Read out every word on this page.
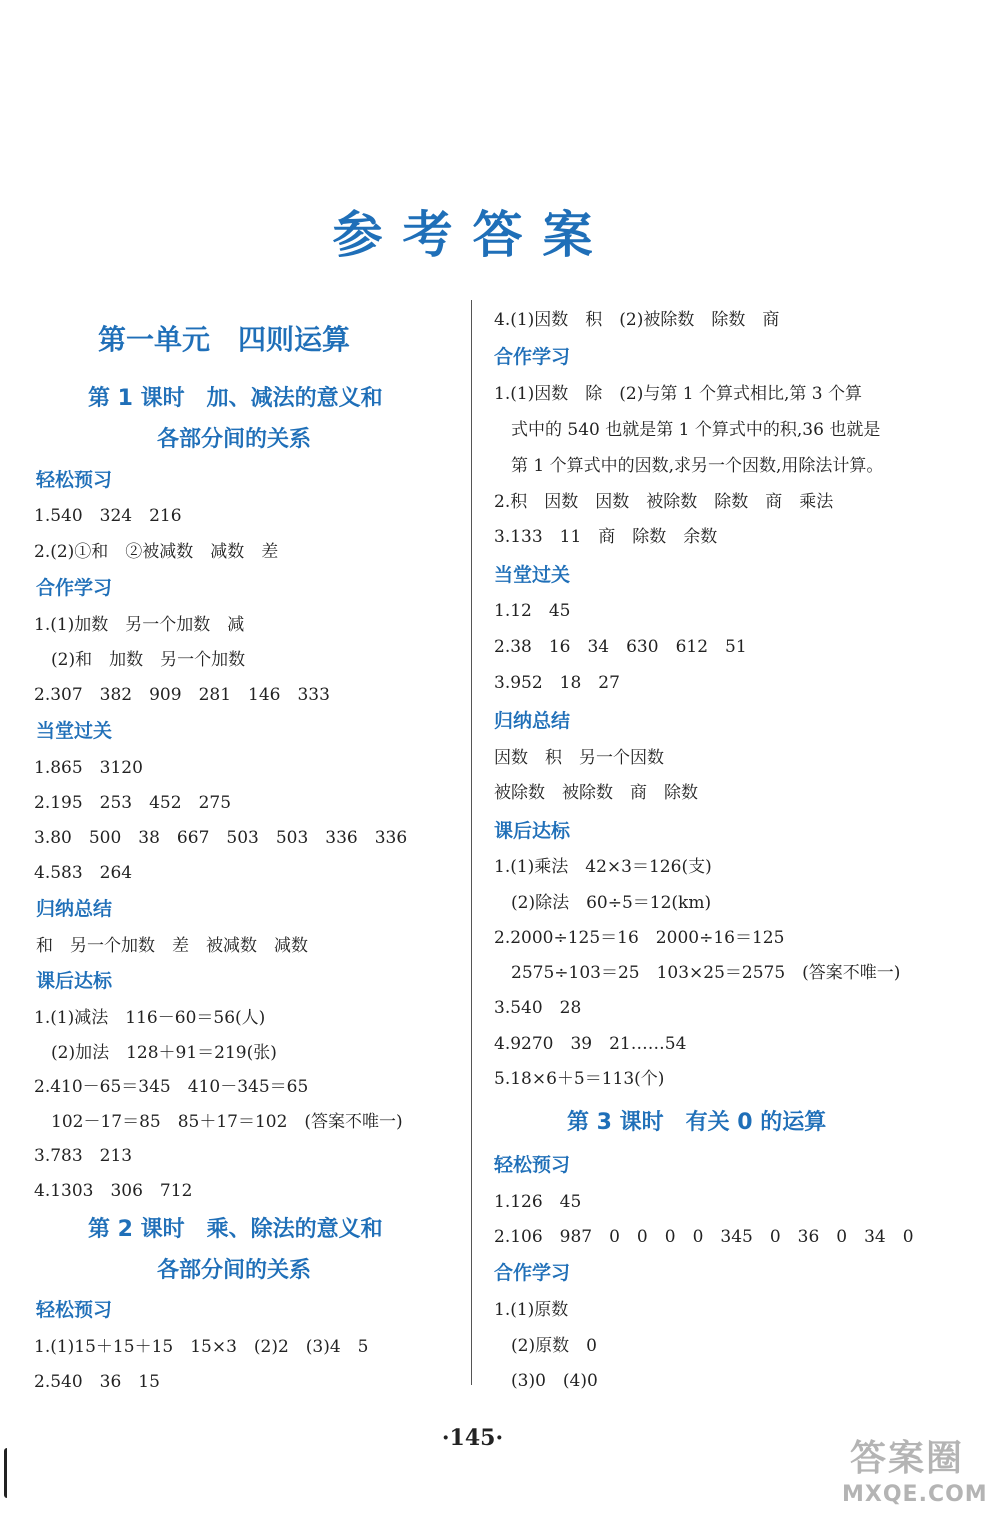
参考答案
第一单元　四则运算
第 1 课时　加、减法的意义和
各部分间的关系
轻松预习
1.540　324　216
2.(2)①和　②被减数　减数　差
合作学习
1.(1)加数　另一个加数　减
　(2)和　加数　另一个加数
2.307　382　909　281　146　333
当堂过关
1.865　3120
2.195　253　452　275
3.80　500　38　667　503　503　336　336
4.583　264
归纳总结
和　另一个加数　差　被减数　减数
课后达标
1.(1)减法　116－60＝56(人)
　(2)加法　128＋91＝219(张)
2.410－65＝345　410－345＝65
　102－17＝85　85＋17＝102　(答案不唯一)
3.783　213
4.1303　306　712
第 2 课时　乘、除法的意义和
各部分间的关系
轻松预习
1.(1)15＋15＋15　15×3　(2)2　(3)4　5
2.540　36　15
4.(1)因数　积　(2)被除数　除数　商
合作学习
1.(1)因数　除　(2)与第 1 个算式相比,第 3 个算
　式中的 540 也就是第 1 个算式中的积,36 也就是
　第 1 个算式中的因数,求另一个因数,用除法计算。
2.积　因数　因数　被除数　除数　商　乘法
3.133　11　商　除数　余数
当堂过关
1.12　45
2.38　16　34　630　612　51
3.952　18　27
归纳总结
因数　积　另一个因数
被除数　被除数　商　除数
课后达标
1.(1)乘法　42×3＝126(支)
　(2)除法　60÷5＝12(km)
2.2000÷125＝16　2000÷16＝125
　2575÷103＝25　103×25＝2575　(答案不唯一)
3.540　28
4.9270　39　21……54
5.18×6＋5＝113(个)
第 3 课时　有关 0 的运算
轻松预习
1.126　45
2.106　987　0　0　0　0　345　0　36　0　34　0
合作学习
1.(1)原数
　(2)原数　0
　(3)0　(4)0
·145·	答案圈
MXQE.COM
